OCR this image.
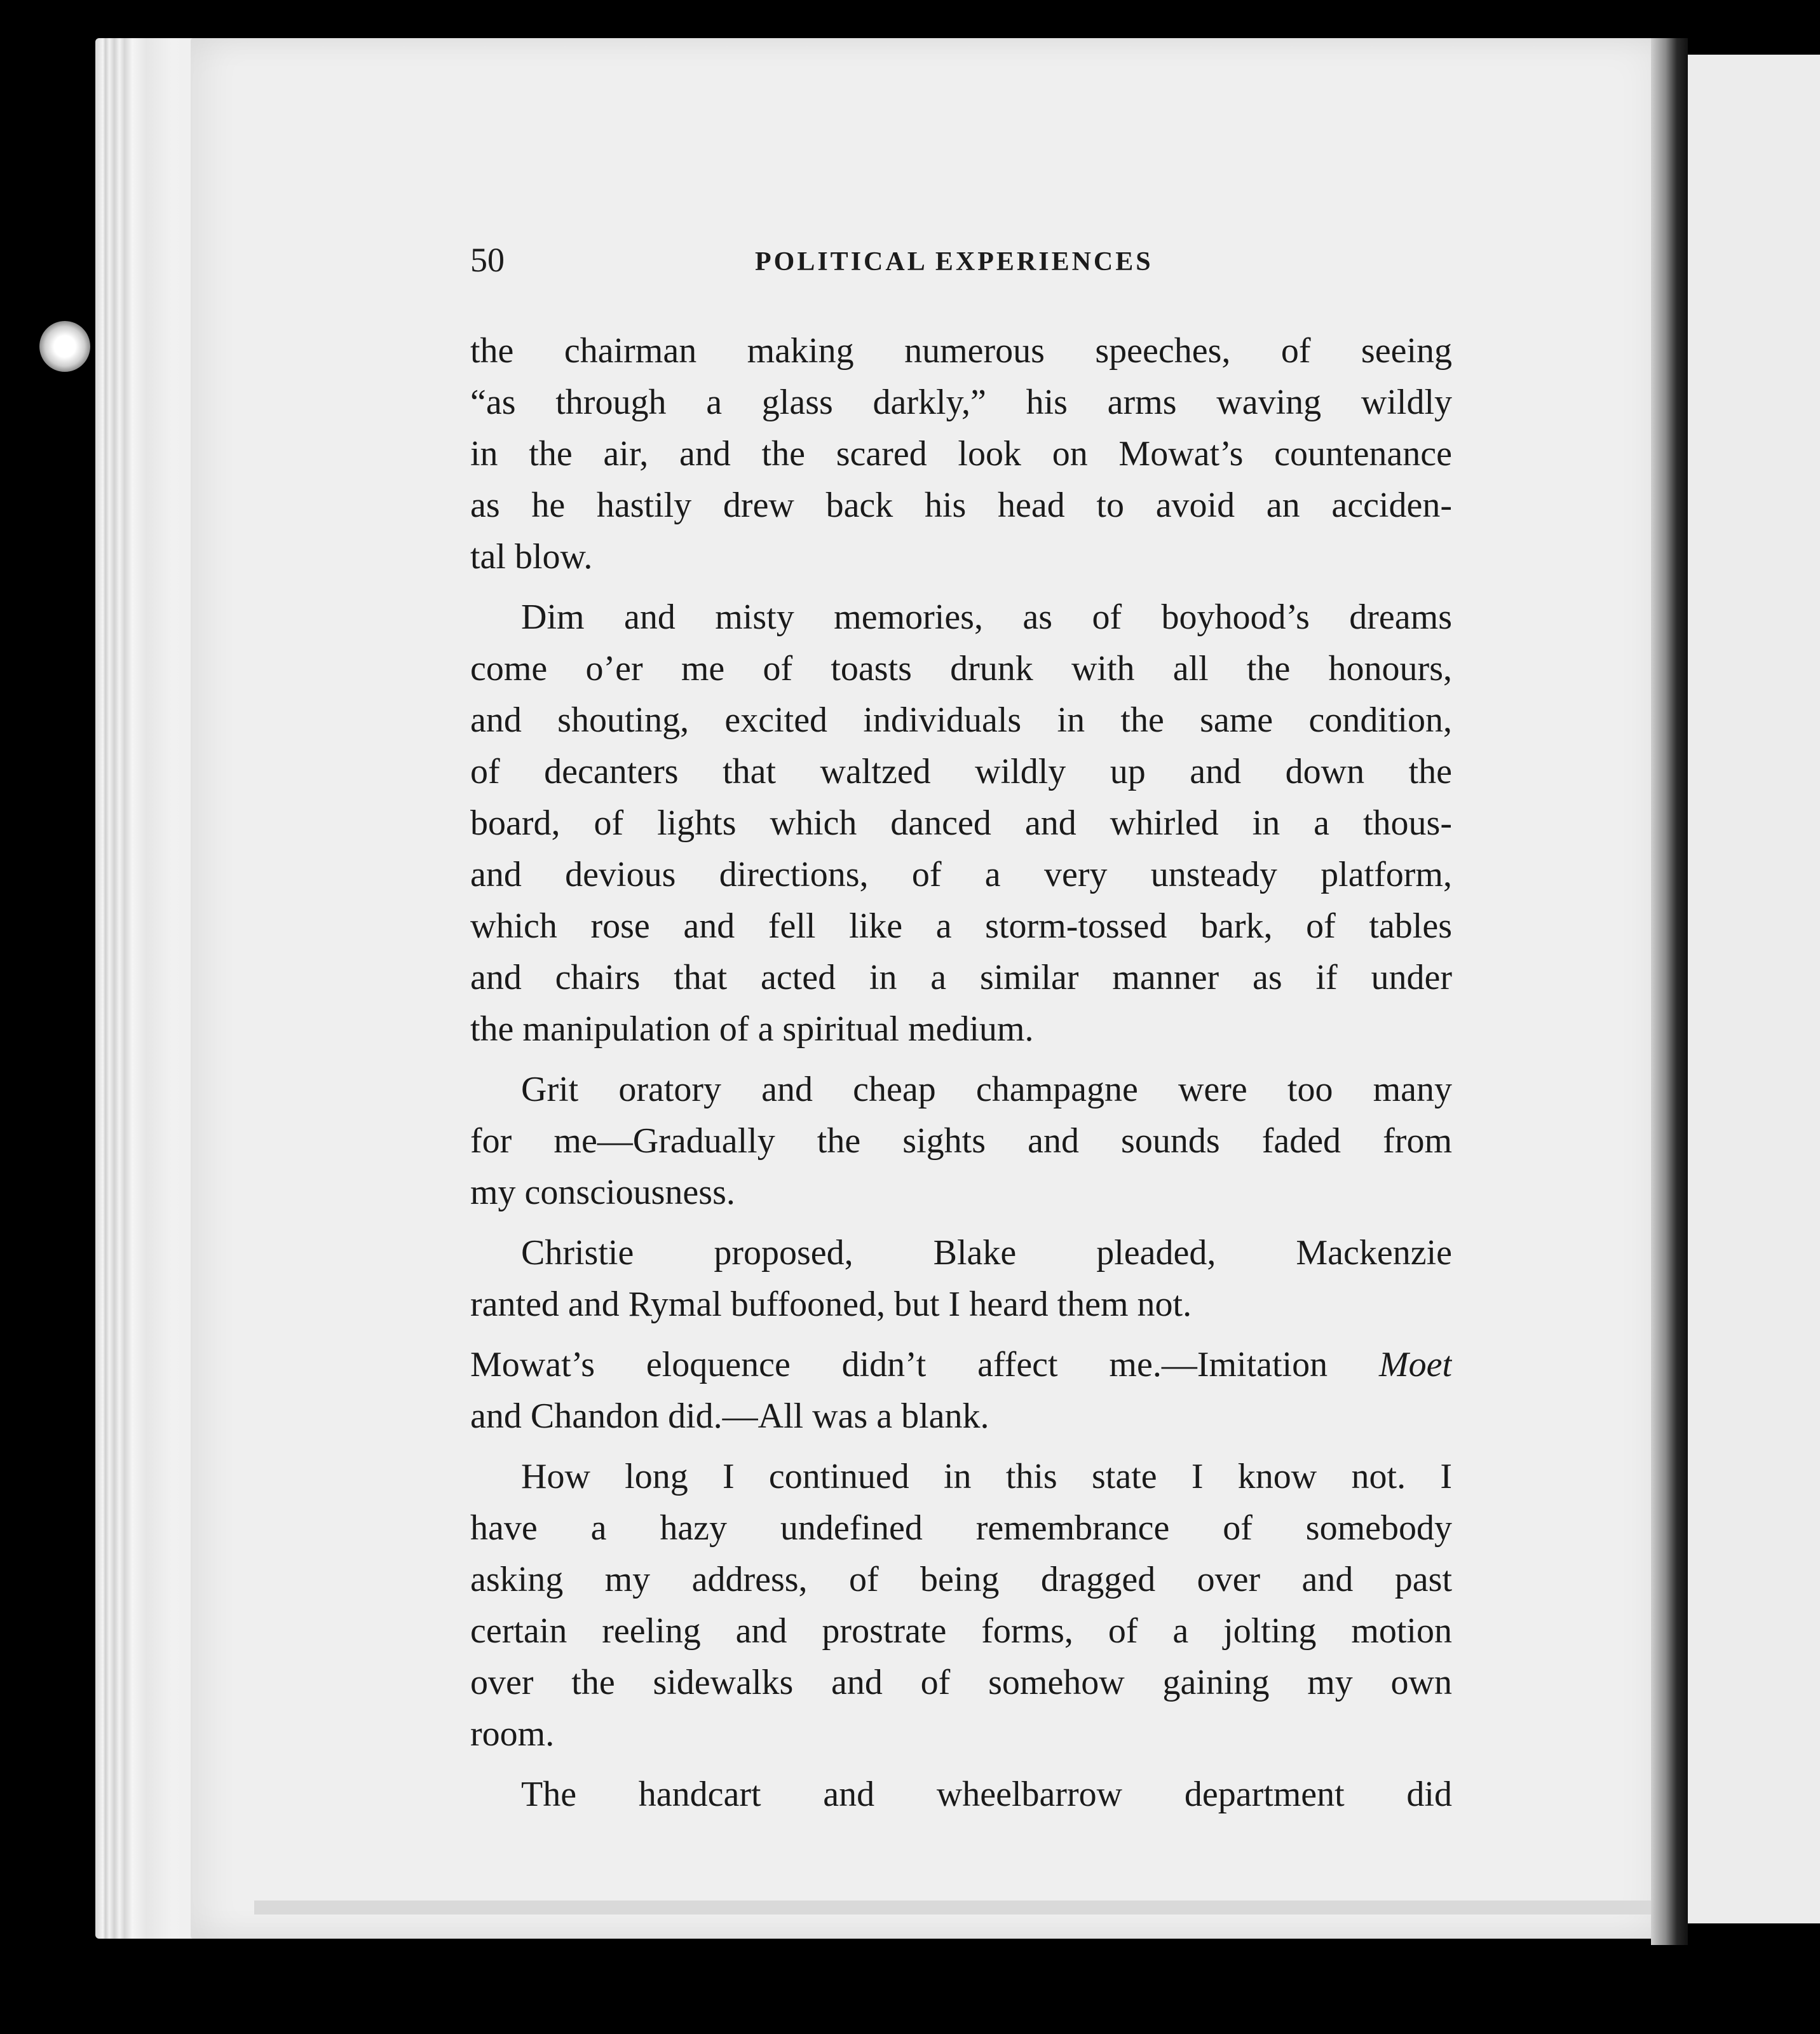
50	POLITICAL EXPERIENCES
the chairman making numerous speeches, of seeing
“as through a glass darkly,” his arms waving wildly
in the air, and the scared look on Mowat’s countenance
as he hastily drew back his head to avoid an acciden-
tal blow.
Dim and misty memories, as of boyhood’s dreams
come o’er me of toasts drunk with all the honours,
and shouting, excited individuals in the same condition,
of decanters that waltzed wildly up and down the
board, of lights which danced and whirled in a thous-
and devious directions, of a very unsteady platform,
which rose and fell like a storm-tossed bark, of tables
and chairs that acted in a similar manner as if under
the manipulation of a spiritual medium.
Grit oratory and cheap champagne were too many
for me—Gradually the sights and sounds faded from
my consciousness.
Christie proposed, Blake pleaded, Mackenzie
ranted and Rymal buffooned, but I heard them not.
Mowat’s eloquence didn’t affect me.—Imitation Moet
and Chandon did.—All was a blank.
How long I continued in this state I know not. I
have a hazy undefined remembrance of somebody
asking my address, of being dragged over and past
certain reeling and prostrate forms, of a jolting motion
over the sidewalks and of somehow gaining my own
room.
The handcart and wheelbarrow department did
